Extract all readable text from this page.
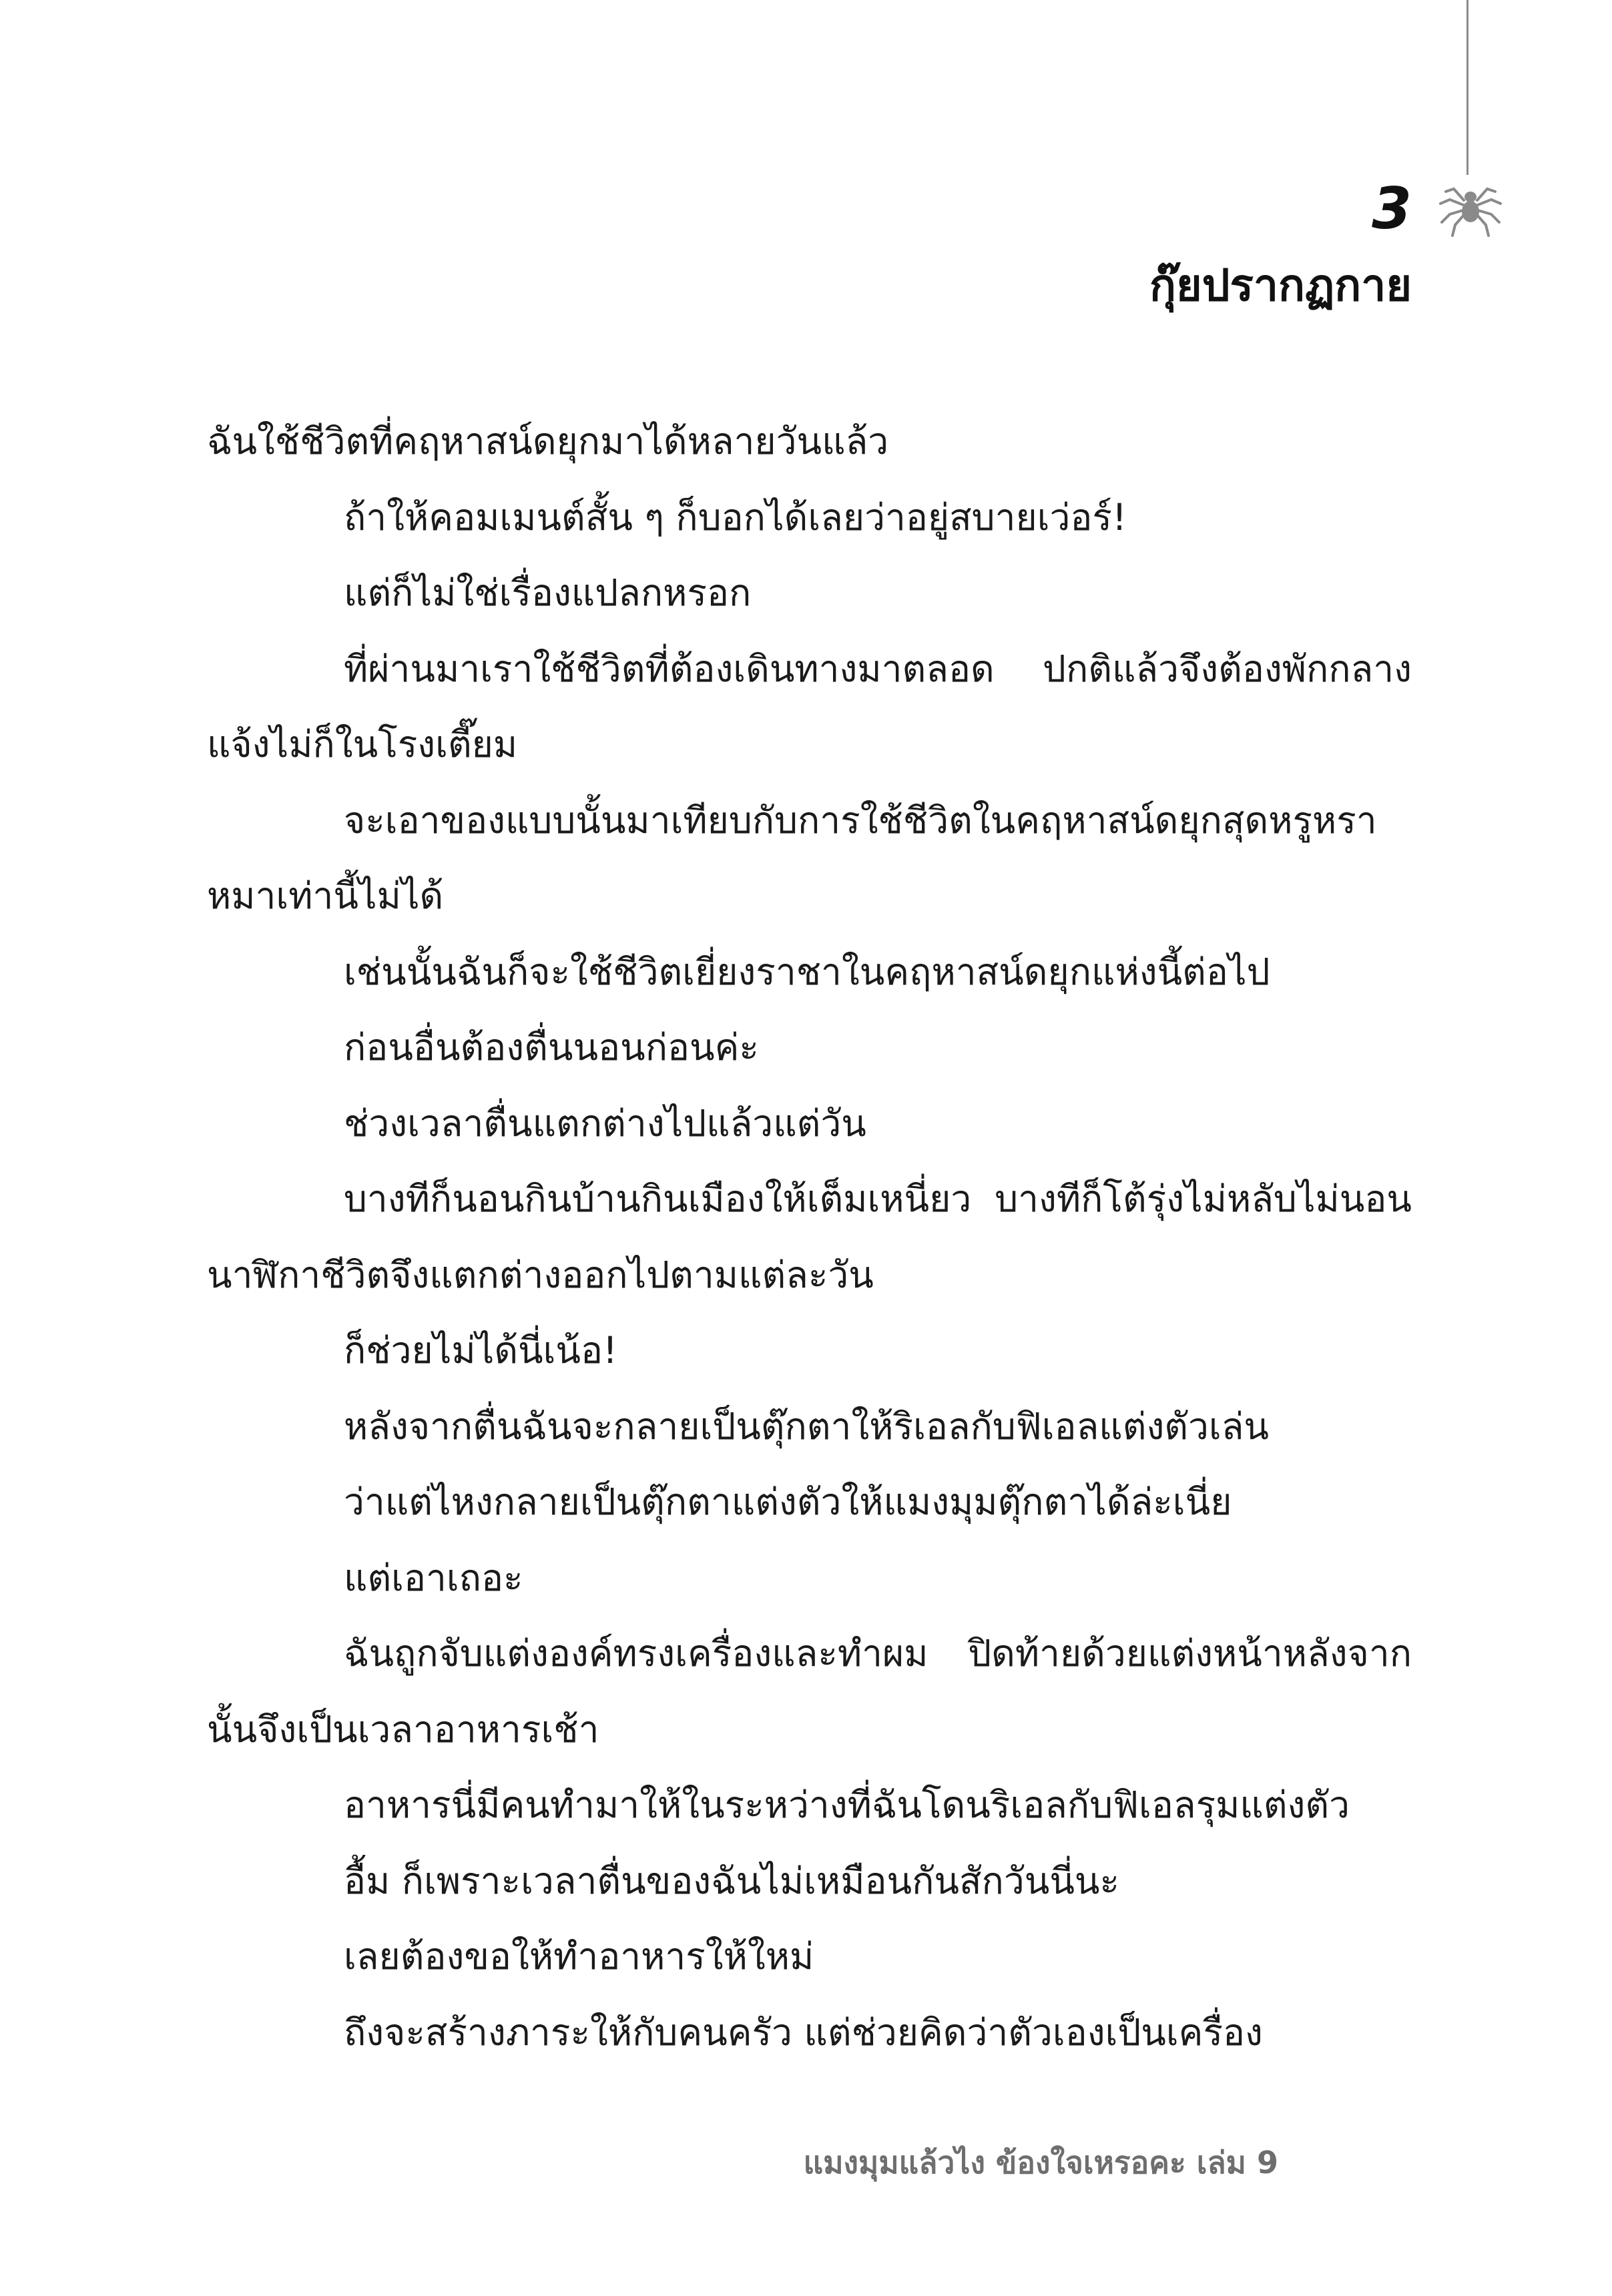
3
กุ๊ยปรากฏกาย

ฉันใช้ชีวิตที่คฤหาสน์ดยุกมาได้หลายวันแล้ว

ถ้าให้คอมเมนต์สั้น ๆ ก็บอกได้เลยว่าอยู่สบายเว่อร์!

แต่ก็ไม่ใช่เรื่องแปลกหรอก

ที่ผ่านมาเราใช้ชีวิตที่ต้องเดินทางมาตลอด ปกติแล้วจึงต้องพักกลางแจ้งไม่ก็ในโรงเตี๊ยม

จะเอาของแบบนั้นมาเทียบกับการใช้ชีวิตในคฤหาสน์ดยุกสุดหรูหราหมาเท่านี้ไม่ได้

เช่นนั้นฉันก็จะใช้ชีวิตเยี่ยงราชาในคฤหาสน์ดยุกแห่งนี้ต่อไป

ก่อนอื่นต้องตื่นนอนก่อนค่ะ

ช่วงเวลาตื่นแตกต่างไปแล้วแต่วัน

บางทีก็นอนกินบ้านกินเมืองให้เต็มเหนี่ยว บางทีก็โต้รุ่งไม่หลับไม่นอน นาฬิกาชีวิตจึงแตกต่างออกไปตามแต่ละวัน

ก็ช่วยไม่ได้นี่เน้อ!

หลังจากตื่นฉันจะกลายเป็นตุ๊กตาให้ริเอลกับฟิเอลแต่งตัวเล่น

ว่าแต่ไหงกลายเป็นตุ๊กตาแต่งตัวให้แมงมุมตุ๊กตาได้ล่ะเนี่ย

แต่เอาเถอะ

ฉันถูกจับแต่งองค์ทรงเครื่องและทำผม ปิดท้ายด้วยแต่งหน้าหลังจากนั้นจึงเป็นเวลาอาหารเช้า

อาหารนี่มีคนทำมาให้ในระหว่างที่ฉันโดนริเอลกับฟิเอลรุมแต่งตัว

อื้ม ก็เพราะเวลาตื่นของฉันไม่เหมือนกันสักวันนี่นะ

เลยต้องขอให้ทำอาหารให้ใหม่

ถึงจะสร้างภาระให้กับคนครัว แต่ช่วยคิดว่าตัวเองเป็นเครื่อง

แมงมุมแล้วไง ข้องใจเหรอคะ เล่ม 9
